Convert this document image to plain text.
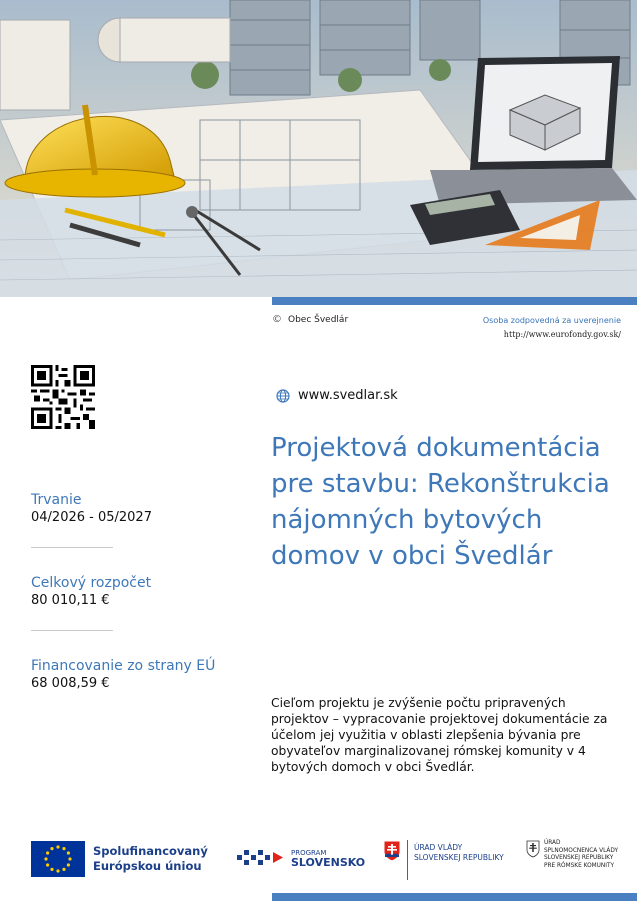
© Obec Švedlár	Osoba zodpovedná za uverejnenie
http://www.eurofondy.gov.sk/
www.svedlar.sk
Projektová dokumentácia pre stavbu: Rekonštrukcia nájomných bytových domov v obci Švedlár
Trvanie
04/2026 - 05/2027
Celkový rozpočet
80 010,11 €
Financovanie zo strany EÚ
68 008,59 €

Cieľom projektu je zvýšenie počtu pripravených projektov – vypracovanie projektovej dokumentácie za účelom jej využitia v oblasti zlepšenia bývania pre obyvateľov marginalizovanej rómskej komunity v 4 bytových domoch v obci Švedlár.

Spolufinancovaný
Európskou úniou
PROGRAM
SLOVENSKO
ÚRAD VLÁDY
SLOVENSKEJ REPUBLIKY
ÚRAD
SPLNOMOCNENCA VLÁDY
SLOVENSKEJ REPUBLIKY
PRE RÓMSKE KOMUNITY
